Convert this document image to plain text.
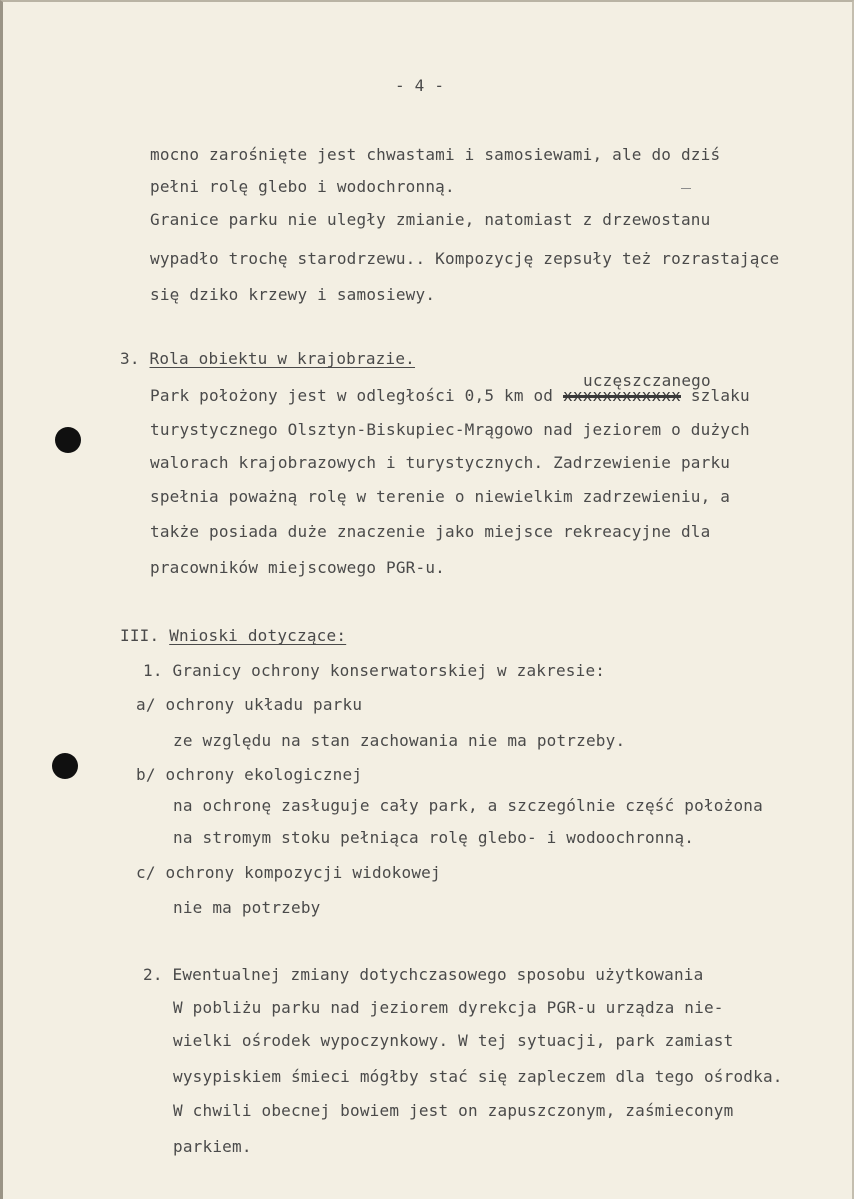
- 4 -
mocno zarośnięte jest chwastami i samosiewami, ale do dziś
pełni rolę glebo i wodochronną.
Granice parku nie uległy zmianie, natomiast z drzewostanu
wypadło trochę starodrzewu.. Kompozycję zepsuły też rozrastające
się dziko krzewy i samosiewy.
3. Rola obiektu w krajobrazie.
uczęszczanego
Park położony jest w odległości 0,5 km od xxxxxxxxxxxx szlaku
turystycznego Olsztyn-Biskupiec-Mrągowo nad jeziorem o dużych
walorach krajobrazowych i turystycznych. Zadrzewienie parku
spełnia poważną rolę w terenie o niewielkim zadrzewieniu, a
także posiada duże znaczenie jako miejsce rekreacyjne dla
pracowników miejscowego PGR-u.
III. Wnioski dotyczące:
1. Granicy ochrony konserwatorskiej w zakresie:
a/ ochrony układu parku
ze względu na stan zachowania nie ma potrzeby.
b/ ochrony ekologicznej
na ochronę zasługuje cały park, a szczególnie część położona
na stromym stoku pełniąca rolę glebo- i wodoochronną.
c/ ochrony kompozycji widokowej
nie ma potrzeby
2. Ewentualnej zmiany dotychczasowego sposobu użytkowania
W pobliżu parku nad jeziorem dyrekcja PGR-u urządza nie-
wielki ośrodek wypoczynkowy. W tej sytuacji, park zamiast
wysypiskiem śmieci mógłby stać się zapleczem dla tego ośrodka.
W chwili obecnej bowiem jest on zapuszczonym, zaśmieconym
parkiem.
